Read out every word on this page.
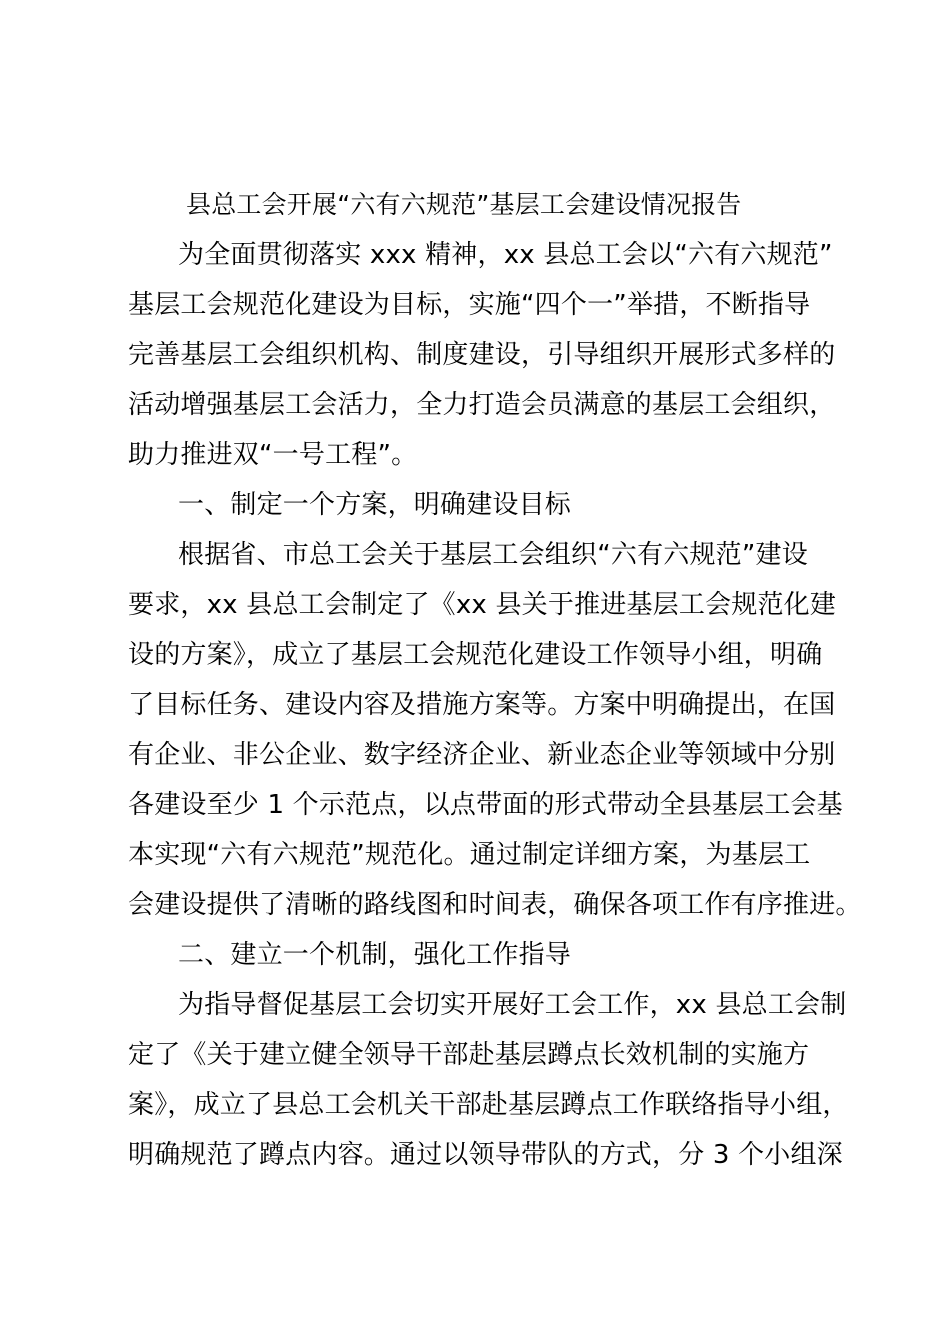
县总工会开展“六有六规范”基层工会建设情况报告
为全面贯彻落实 xxx 精神，xx 县总工会以“六有六规范”
基层工会规范化建设为目标，实施“四个一”举措，不断指导
完善基层工会组织机构、制度建设，引导组织开展形式多样的
活动增强基层工会活力，全力打造会员满意的基层工会组织，
助力推进双“一号工程”。
一、制定一个方案，明确建设目标
根据省、市总工会关于基层工会组织“六有六规范”建设
要求，xx 县总工会制定了《xx 县关于推进基层工会规范化建
设的方案》，成立了基层工会规范化建设工作领导小组，明确
了目标任务、建设内容及措施方案等。方案中明确提出，在国
有企业、非公企业、数字经济企业、新业态企业等领域中分别
各建设至少 1 个示范点，以点带面的形式带动全县基层工会基
本实现“六有六规范”规范化。通过制定详细方案，为基层工
会建设提供了清晰的路线图和时间表，确保各项工作有序推进。
二、建立一个机制，强化工作指导
为指导督促基层工会切实开展好工会工作，xx 县总工会制
定了《关于建立健全领导干部赴基层蹲点长效机制的实施方
案》，成立了县总工会机关干部赴基层蹲点工作联络指导小组，
明确规范了蹲点内容。通过以领导带队的方式，分 3 个小组深
